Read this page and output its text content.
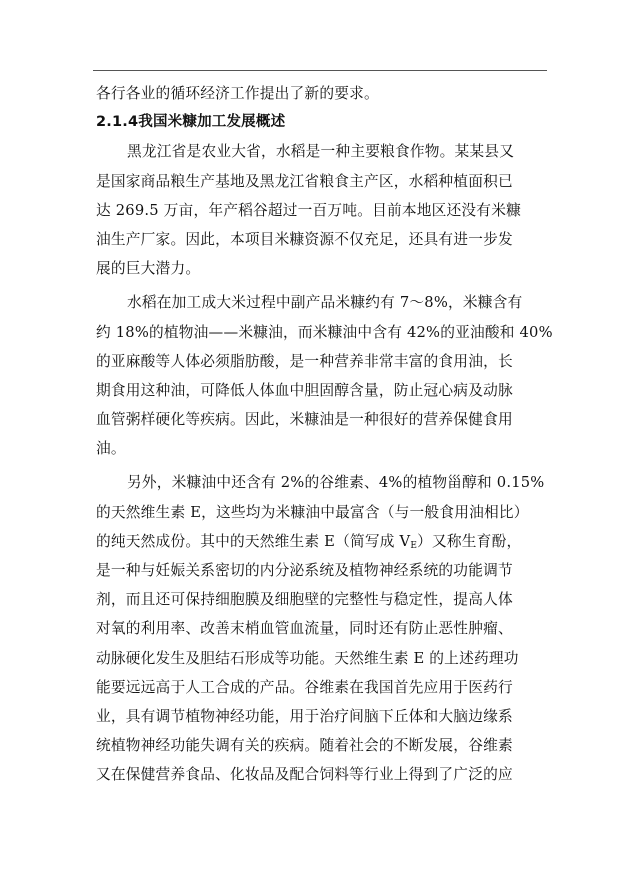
各行各业的循环经济工作提出了新的要求。
2.1.4我国米糠加工发展概述
黑龙江省是农业大省，水稻是一种主要粮食作物。某某县又
是国家商品粮生产基地及黑龙江省粮食主产区，水稻种植面积已
达 269.5 万亩，年产稻谷超过一百万吨。目前本地区还没有米糠
油生产厂家。因此，本项目米糠资源不仅充足，还具有进一步发
展的巨大潜力。
水稻在加工成大米过程中副产品米糠约有 7～8%，米糠含有
约 18%的植物油——米糠油，而米糠油中含有 42%的亚油酸和 40%
的亚麻酸等人体必须脂肪酸，是一种营养非常丰富的食用油，长
期食用这种油，可降低人体血中胆固醇含量，防止冠心病及动脉
血管粥样硬化等疾病。因此，米糠油是一种很好的营养保健食用
油。
另外，米糠油中还含有 2%的谷维素、4%的植物甾醇和 0.15%
的天然维生素 E，这些均为米糠油中最富含（与一般食用油相比）
的纯天然成份。其中的天然维生素 E（简写成 $V_E$）又称生育酚，
是一种与妊娠关系密切的内分泌系统及植物神经系统的功能调节
剂，而且还可保持细胞膜及细胞壁的完整性与稳定性，提高人体
对氧的利用率、改善末梢血管血流量，同时还有防止恶性肿瘤、
动脉硬化发生及胆结石形成等功能。天然维生素 E 的上述药理功
能要远远高于人工合成的产品。谷维素在我国首先应用于医药行
业，具有调节植物神经功能，用于治疗间脑下丘体和大脑边缘系
统植物神经功能失调有关的疾病。随着社会的不断发展，谷维素
又在保健营养食品、化妆品及配合饲料等行业上得到了广泛的应
